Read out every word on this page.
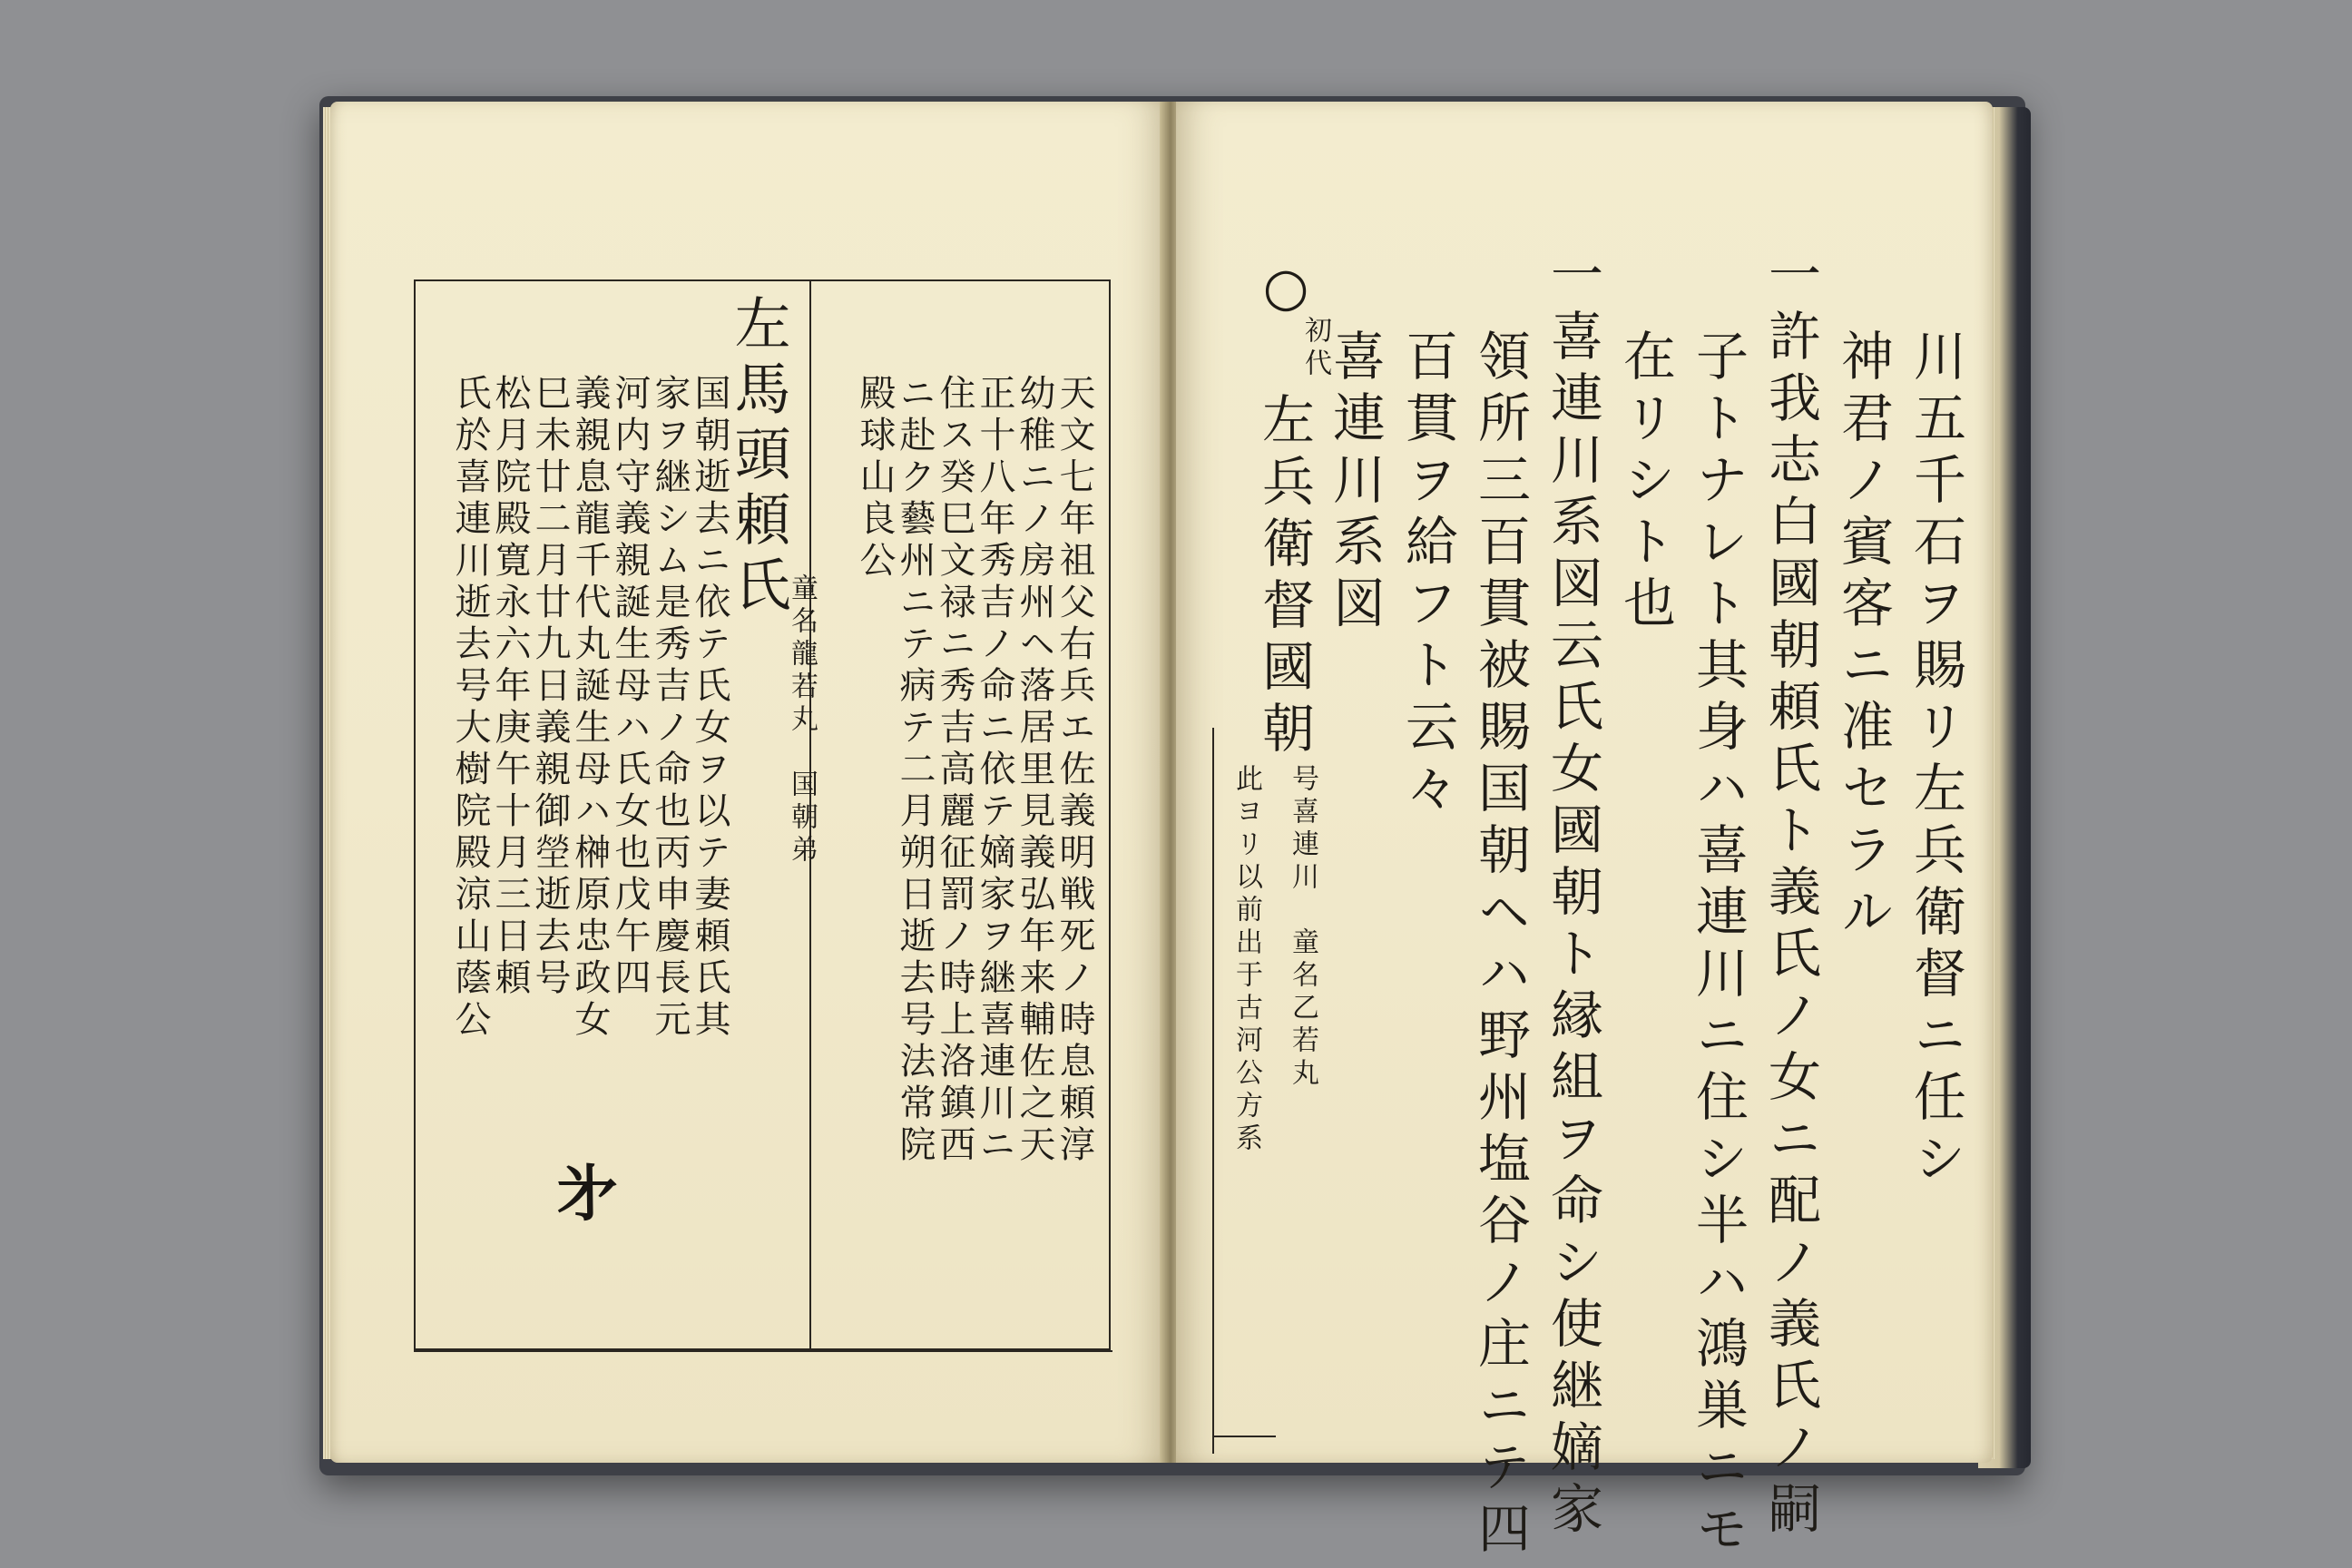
天文七年祖父右兵エ佐義明戦死ノ時息頼淳
幼稚ニノ房州ヘ落居里見義弘年来輔佐之天
正十八年秀吉ノ命ニ依テ嫡家ヲ継喜連川ニ
住ス癸巳文禄ニ秀吉高麗征罰ノ時上洛鎮西
ニ赴ク藝州ニテ病テ二月朔日逝去号法常院
殿球山良公
左馬頭頼氏
童名龍若丸　国朝弟
国朝逝去ニ依テ氏女ヲ以テ妻頼氏其
家ヲ継シム是秀吉ノ命也丙申慶長元
河内守義親誕生母ハ氏女也戊午四
義親息龍千代丸誕生母ハ榊原忠政女
巳未廿二月廿九日義親御塋逝去号
松月院殿寛永六年庚午十月三日頼
氏於喜連川逝去号大樹院殿涼山蔭公
㐧
川五千石ヲ賜リ左兵衛督ニ任シ
神君ノ賓客ニ准セラル
一許我志白國朝頼氏ト義氏ノ女ニ配ノ義氏ノ嗣
子トナレト其身ハ喜連川ニ住シ半ハ鴻巣ニモ
在リシト也
一喜連川系図云氏女國朝ト縁組ヲ命シ使継嫡家
領所三百貫被賜国朝ヘハ野州塩谷ノ庄ニテ四
百貫ヲ給フト云々
喜連川系図
○
初代
左兵衛督國朝
号喜連川　童名乙若丸
此ヨリ以前出于古河公方系
